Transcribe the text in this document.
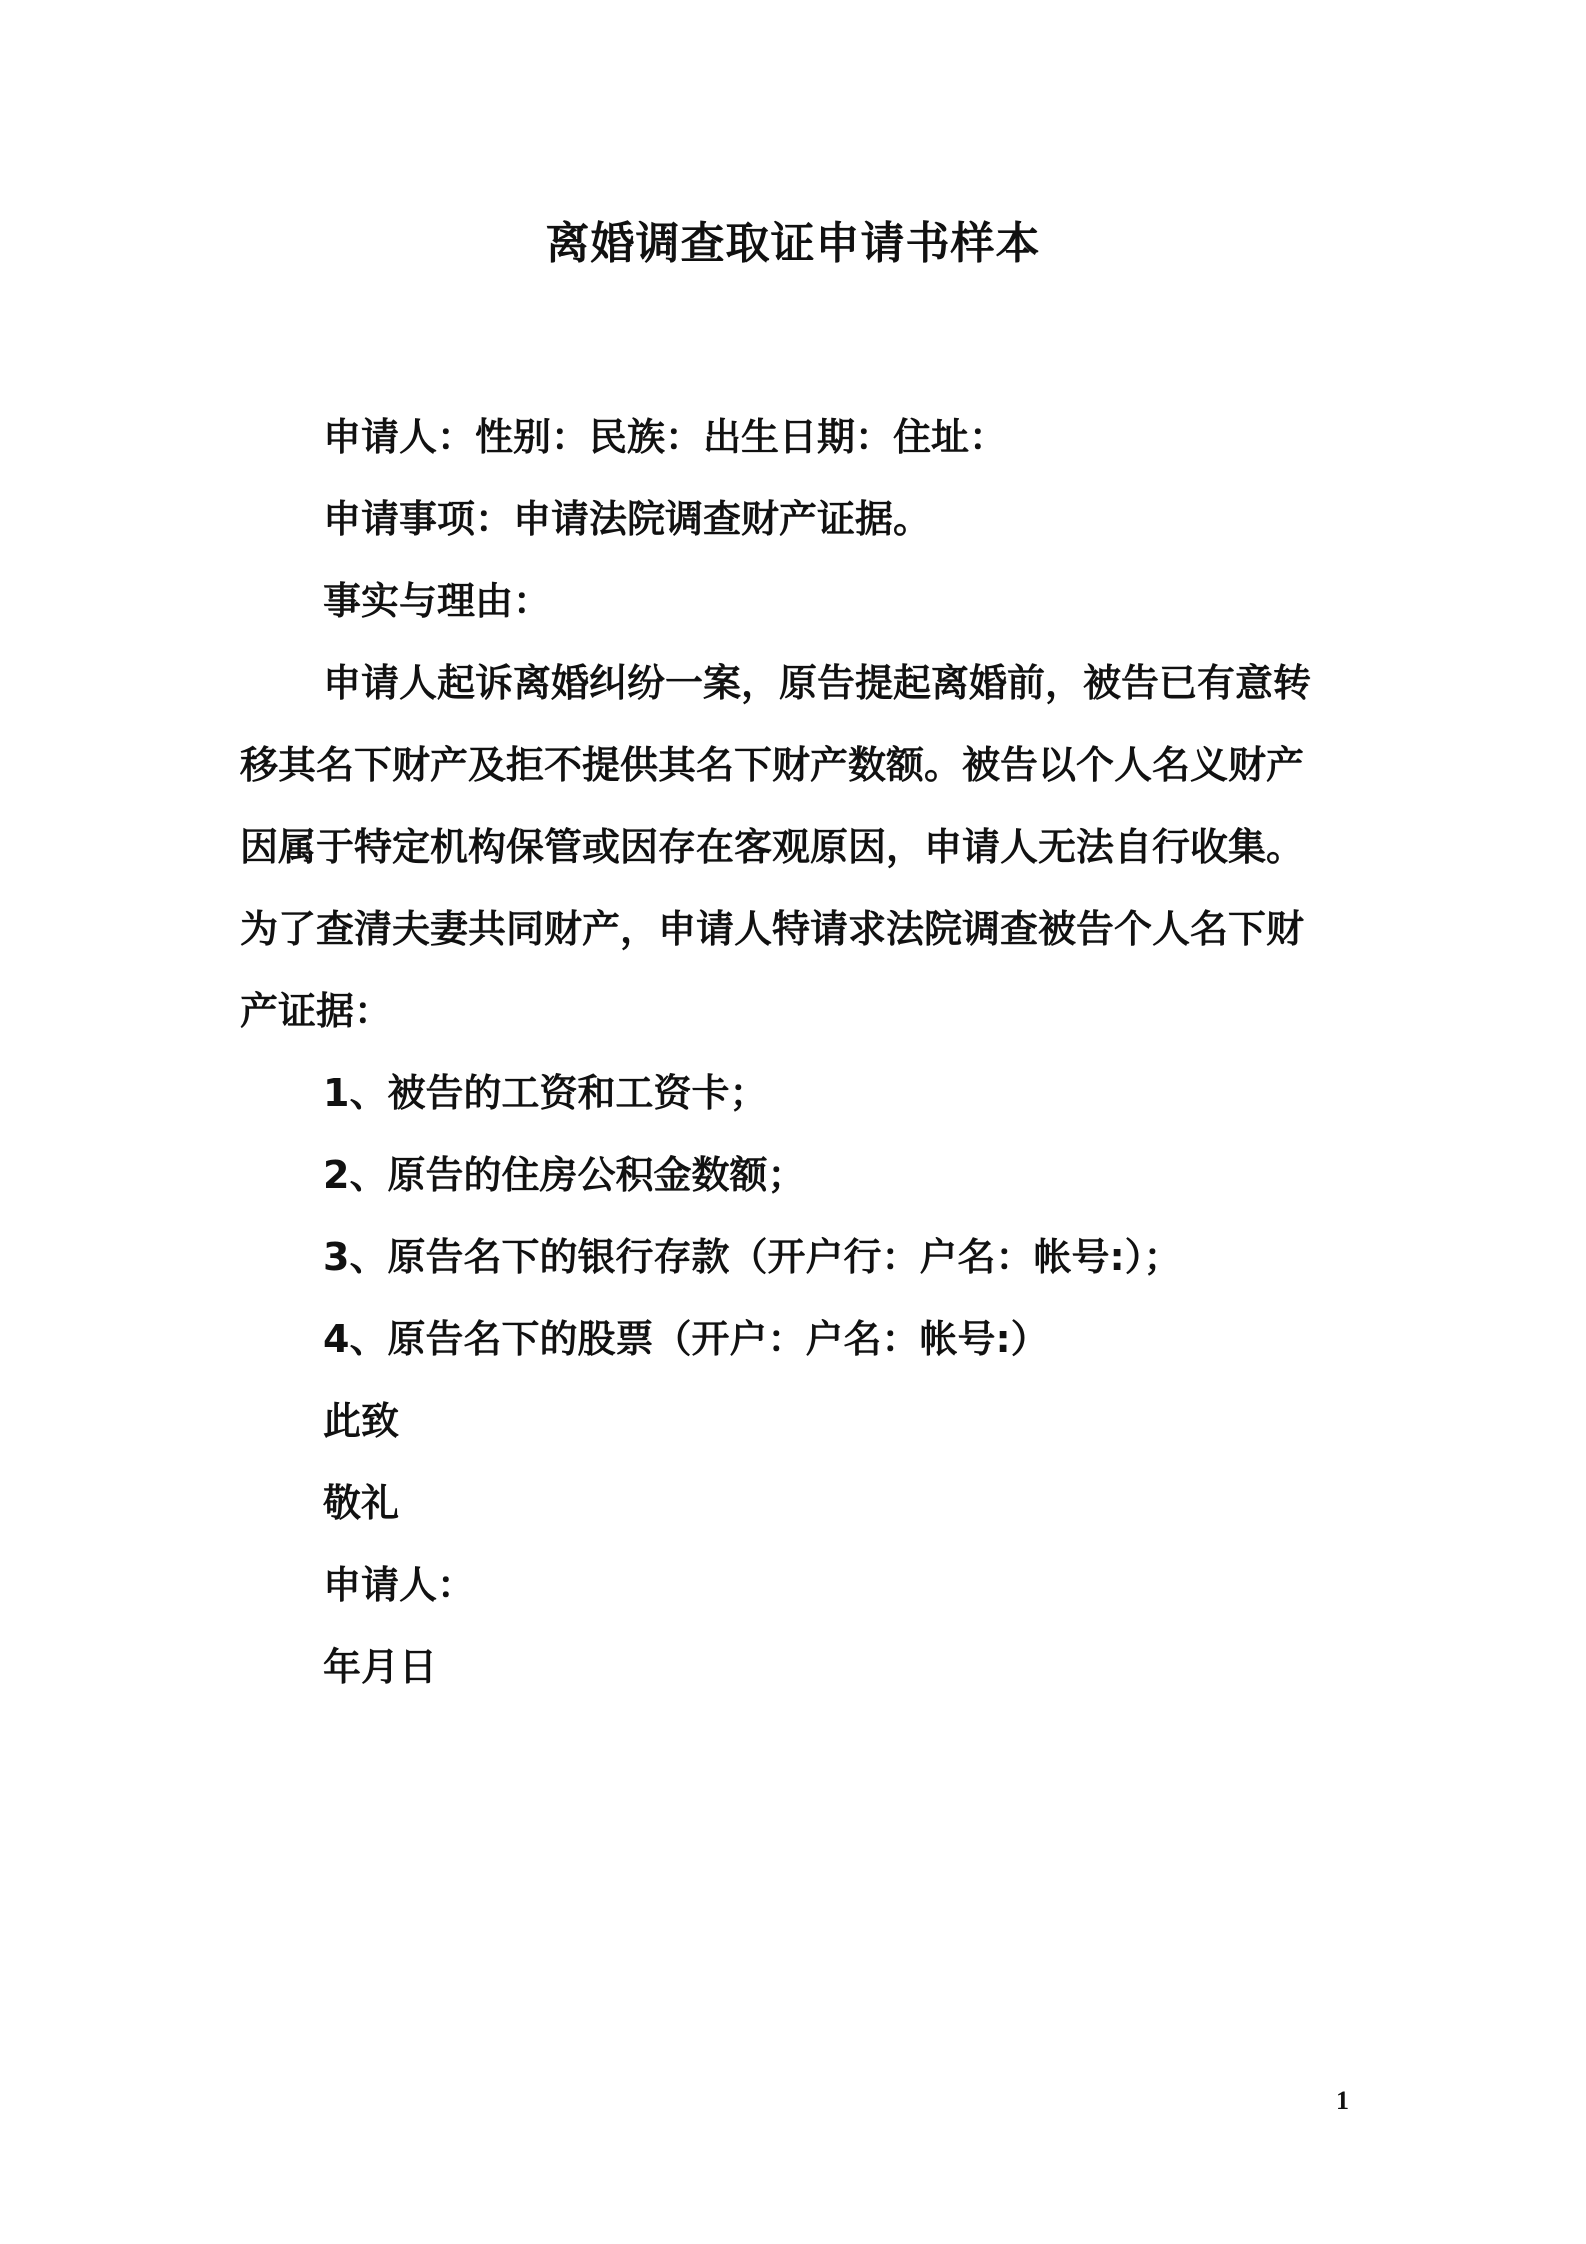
离婚调查取证申请书样本
申请人：性别：民族：出生日期：住址：
申请事项：申请法院调查财产证据。
事实与理由：
申请人起诉离婚纠纷一案，原告提起离婚前，被告已有意转
移其名下财产及拒不提供其名下财产数额。被告以个人名义财产
因属于特定机构保管或因存在客观原因，申请人无法自行收集。
为了查清夫妻共同财产，申请人特请求法院调查被告个人名下财
产证据：
1、被告的工资和工资卡；
2、原告的住房公积金数额；
3、原告名下的银行存款（开户行：户名：帐号:）；
4、原告名下的股票（开户：户名：帐号:）
此致
敬礼
申请人：
年月日
1
